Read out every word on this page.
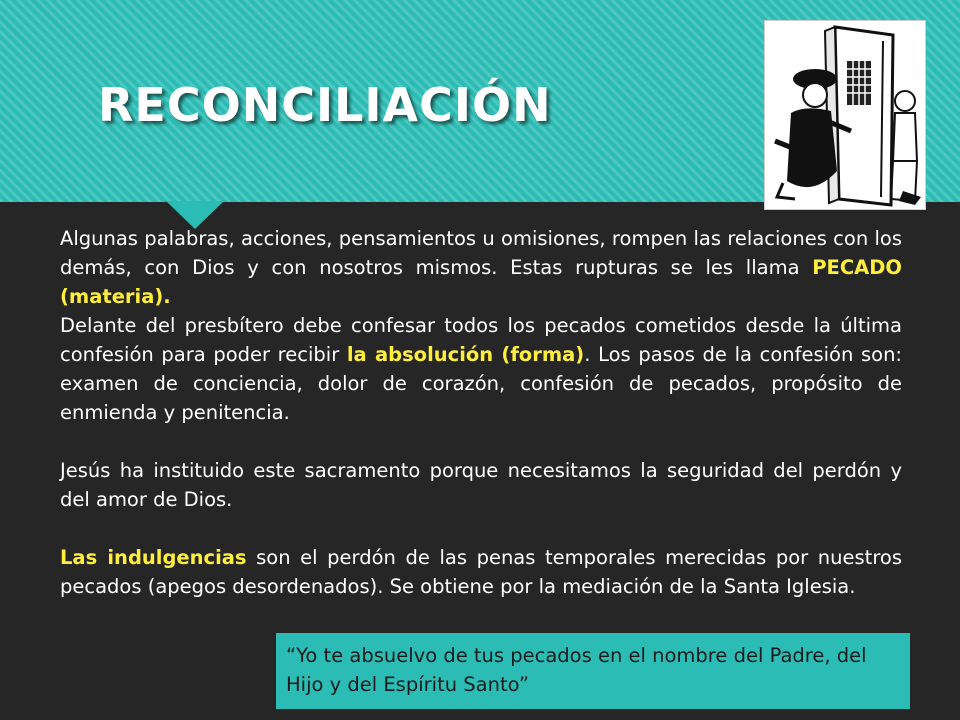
RECONCILIACIÓN

Algunas palabras, acciones, pensamientos u omisiones, rompen las relaciones con los demás, con Dios y con nosotros mismos. Estas rupturas se les llama PECADO (materia).

Delante del presbítero debe confesar todos los pecados cometidos desde la última confesión para poder recibir la absolución (forma). Los pasos de la confesión son: examen de conciencia, dolor de corazón, confesión de pecados, propósito de enmienda y penitencia.

Jesús ha instituido este sacramento porque necesitamos la seguridad del perdón y del amor de Dios.

Las indulgencias son el perdón de las penas temporales merecidas por nuestros pecados (apegos desordenados). Se obtiene por la mediación de la Santa Iglesia.

“Yo te absuelvo de tus pecados en el nombre del Padre, del Hijo y del Espíritu Santo”
